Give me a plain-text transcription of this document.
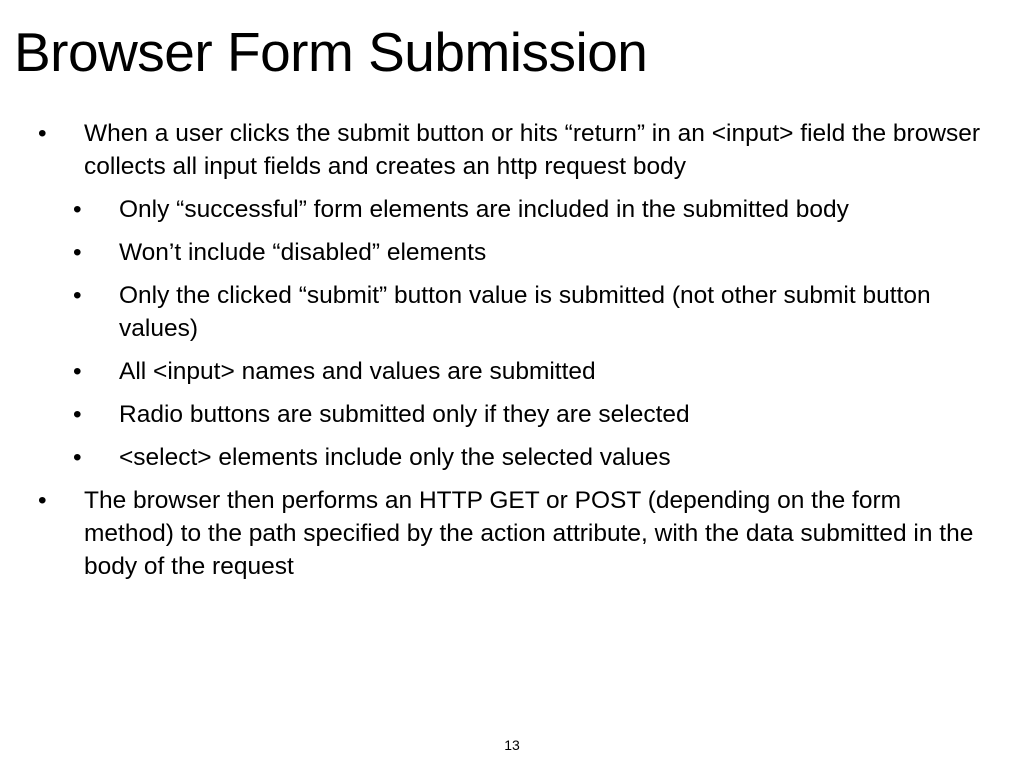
Browser Form Submission
• When a user clicks the submit button or hits “return” in an <input> field the browser collects all input fields and creates an http request body
• Only “successful” form elements are included in the submitted body
• Won’t include “disabled” elements
• Only the clicked “submit” button value is submitted (not other submit button values)
• All <input> names and values are submitted
• Radio buttons are submitted only if they are selected
• <select> elements include only the selected values
• The browser then performs an HTTP GET or POST (depending on the form method) to the path specified by the action attribute, with the data submitted in the body of the request
13
